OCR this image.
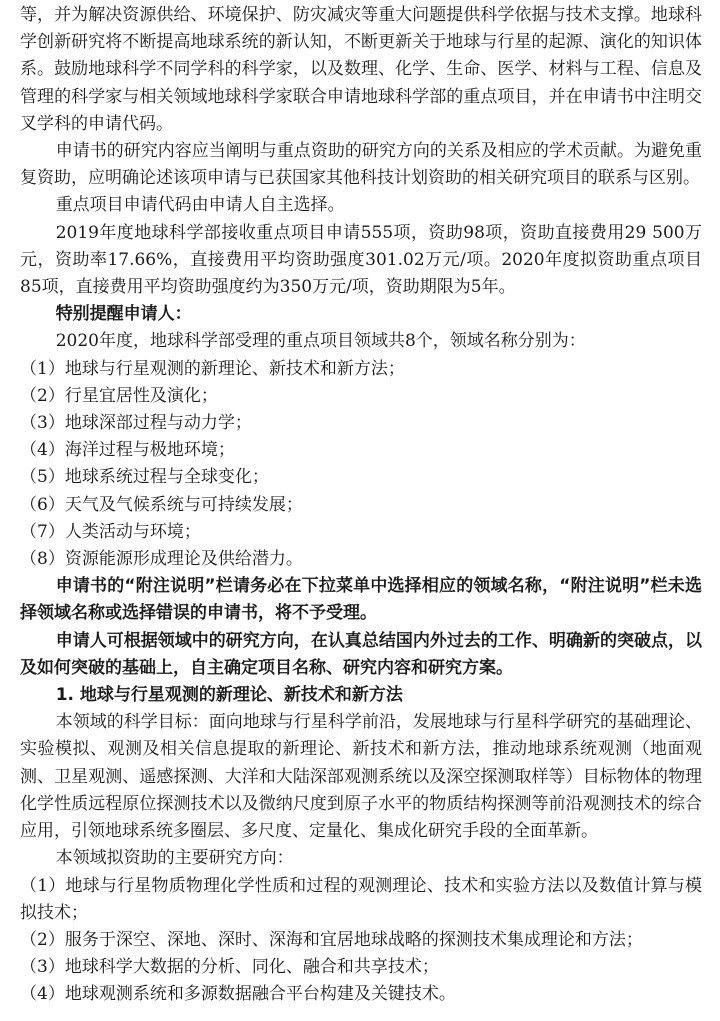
等，并为解决资源供给、环境保护、防灾减灾等重大问题提供科学依据与技术支撑。地球科学创新研究将不断提高地球系统的新认知，不断更新关于地球与行星的起源、演化的知识体系。鼓励地球科学不同学科的科学家，以及数理、化学、生命、医学、材料与工程、信息及管理的科学家与相关领域地球科学家联合申请地球科学部的重点项目，并在申请书中注明交叉学科的申请代码。

申请书的研究内容应当阐明与重点资助的研究方向的关系及相应的学术贡献。为避免重复资助，应明确论述该项申请与已获国家其他科技计划资助的相关研究项目的联系与区别。

重点项目申请代码由申请人自主选择。

2019年度地球科学部接收重点项目申请555项，资助98项，资助直接费用29 500万元，资助率17.66%，直接费用平均资助强度301.02万元/项。2020年度拟资助重点项目85项，直接费用平均资助强度约为350万元/项，资助期限为5年。

特别提醒申请人：

2020年度，地球科学部受理的重点项目领域共8个，领域名称分别为：

（1）地球与行星观测的新理论、新技术和新方法；

（2）行星宜居性及演化；

（3）地球深部过程与动力学；

（4）海洋过程与极地环境；

（5）地球系统过程与全球变化；

（6）天气及气候系统与可持续发展；

（7）人类活动与环境；

（8）资源能源形成理论及供给潜力。

申请书的“附注说明”栏请务必在下拉菜单中选择相应的领域名称，“附注说明”栏未选择领域名称或选择错误的申请书，将不予受理。

申请人可根据领域中的研究方向，在认真总结国内外过去的工作、明确新的突破点，以及如何突破的基础上，自主确定项目名称、研究内容和研究方案。

1. 地球与行星观测的新理论、新技术和新方法

本领域的科学目标：面向地球与行星科学前沿，发展地球与行星科学研究的基础理论、实验模拟、观测及相关信息提取的新理论、新技术和新方法，推动地球系统观测（地面观测、卫星观测、遥感探测、大洋和大陆深部观测系统以及深空探测取样等）目标物体的物理化学性质远程原位探测技术以及微纳尺度到原子水平的物质结构探测等前沿观测技术的综合应用，引领地球系统多圈层、多尺度、定量化、集成化研究手段的全面革新。

本领域拟资助的主要研究方向：

（1）地球与行星物质物理化学性质和过程的观测理论、技术和实验方法以及数值计算与模拟技术；

（2）服务于深空、深地、深时、深海和宜居地球战略的探测技术集成理论和方法；

（3）地球科学大数据的分析、同化、融合和共享技术；

（4）地球观测系统和多源数据融合平台构建及关键技术。
